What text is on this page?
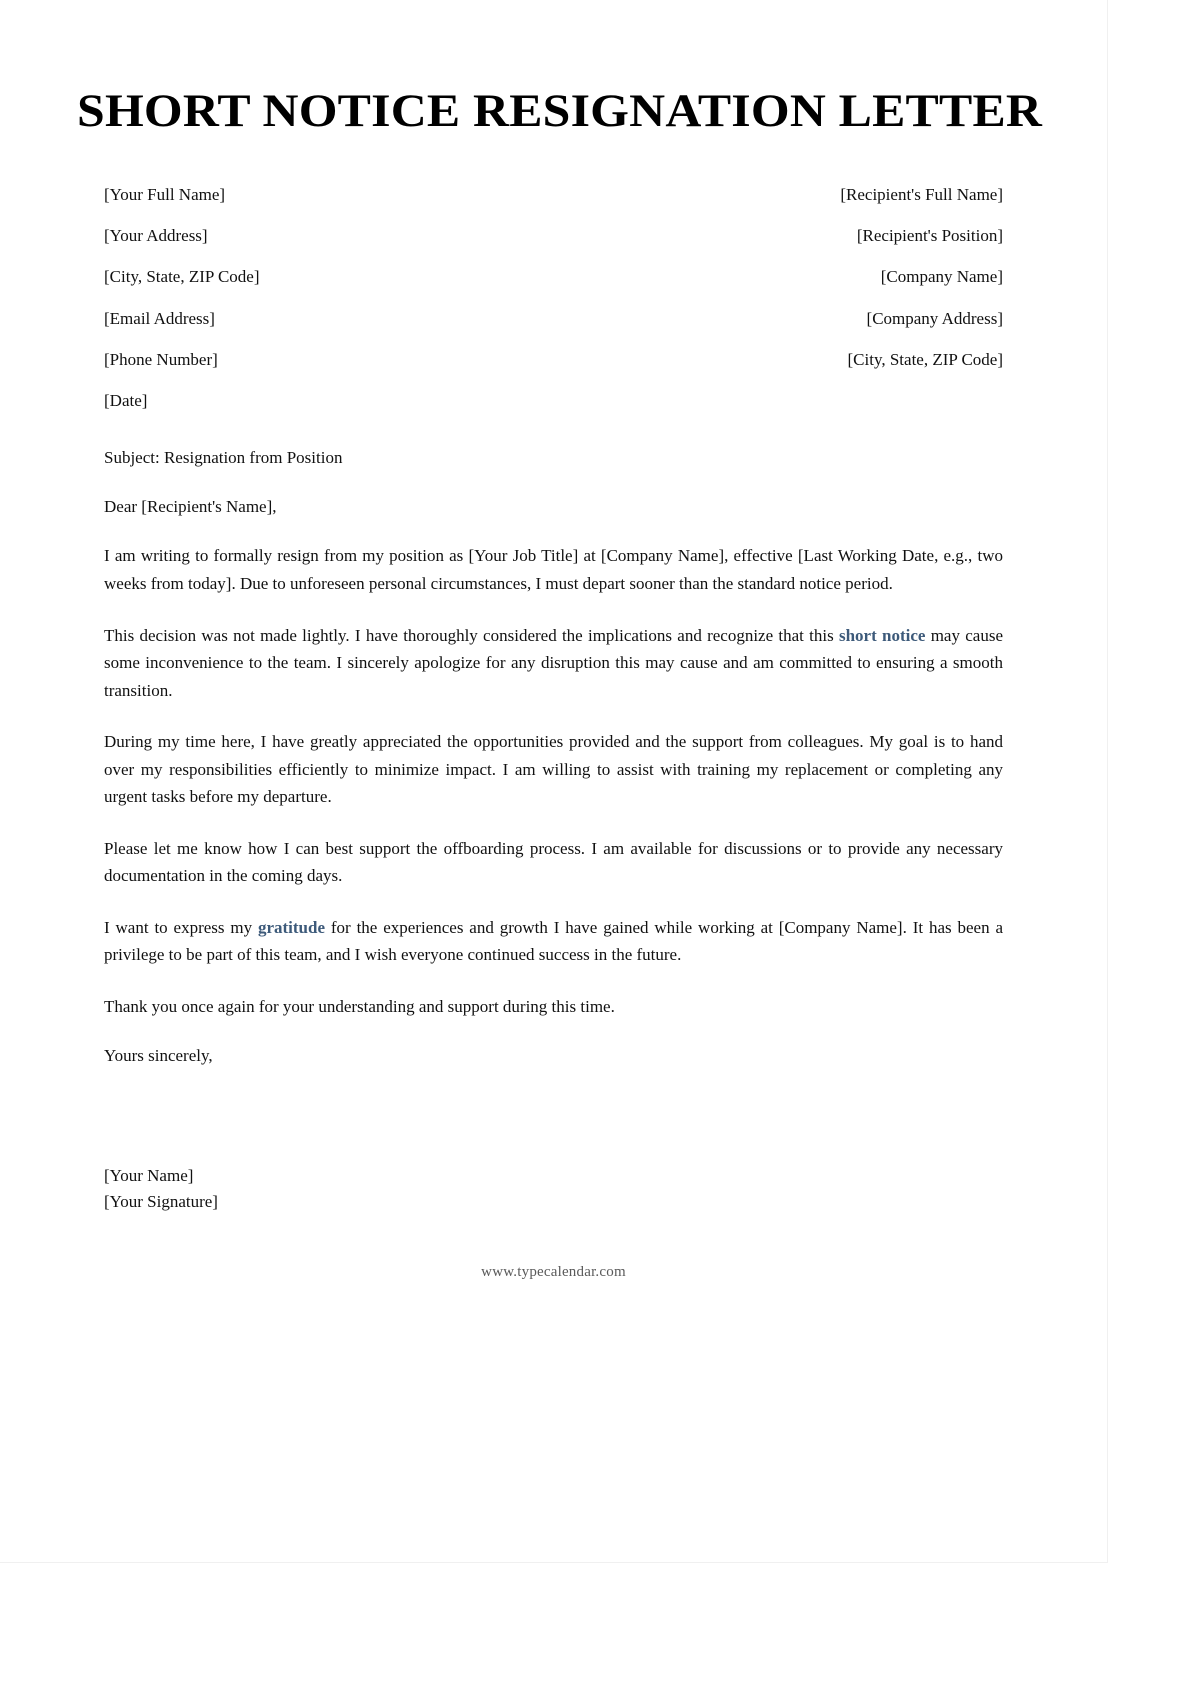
SHORT NOTICE RESIGNATION LETTER
[Your Full Name]	[Recipient's Full Name]
[Your Address]	[Recipient's Position]
[City, State, ZIP Code]	[Company Name]
[Email Address]	[Company Address]
[Phone Number]	[City, State, ZIP Code]
[Date]
Subject: Resignation from Position
Dear [Recipient's Name],

I am writing to formally resign from my position as [Your Job Title] at [Company Name], effective [Last Working Date, e.g., two weeks from today]. Due to unforeseen personal circumstances, I must depart sooner than the standard notice period.

This decision was not made lightly. I have thoroughly considered the implications and recognize that this short notice may cause some inconvenience to the team. I sincerely apologize for any disruption this may cause and am committed to ensuring a smooth transition.

During my time here, I have greatly appreciated the opportunities provided and the support from colleagues. My goal is to hand over my responsibilities efficiently to minimize impact. I am willing to assist with training my replacement or completing any urgent tasks before my departure.

Please let me know how I can best support the offboarding process. I am available for discussions or to provide any necessary documentation in the coming days.

I want to express my gratitude for the experiences and growth I have gained while working at [Company Name]. It has been a privilege to be part of this team, and I wish everyone continued success in the future.

Thank you once again for your understanding and support during this time.

Yours sincerely,
[Your Name]
[Your Signature]
www.typecalendar.com
